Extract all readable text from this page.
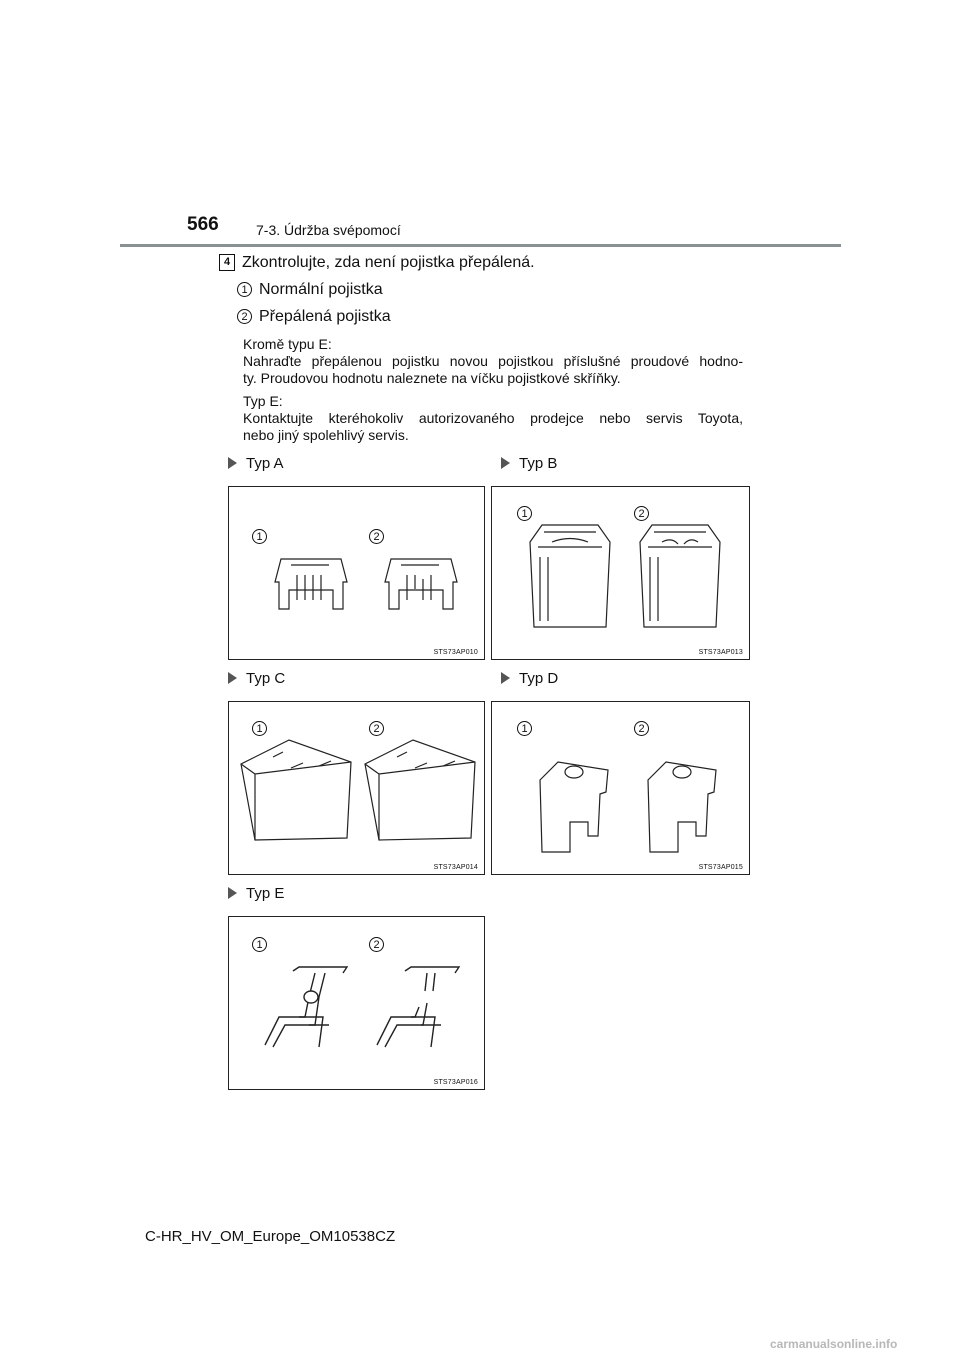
566	7-3. Údržba svépomocí
4 Zkontrolujte, zda není pojistka přepálená.
1 Normální pojistka
2 Přepálená pojistka
Kromě typu E:
Nahraďte přepálenou pojistku novou pojistkou příslušné proudové hodno-
ty. Proudovou hodnotu naleznete na víčku pojistkové skříňky.
Typ E:
Kontaktujte kteréhokoliv autorizovaného prodejce nebo servis Toyota,
nebo jiný spolehlivý servis.
Typ A	Typ B
Typ C	Typ D
Typ E
1	2
STS73AP010
1	2
STS73AP013
1	2
STS73AP014
1	2
STS73AP015
1	2
STS73AP016
C-HR_HV_OM_Europe_OM10538CZ
carmanualsonline.info
